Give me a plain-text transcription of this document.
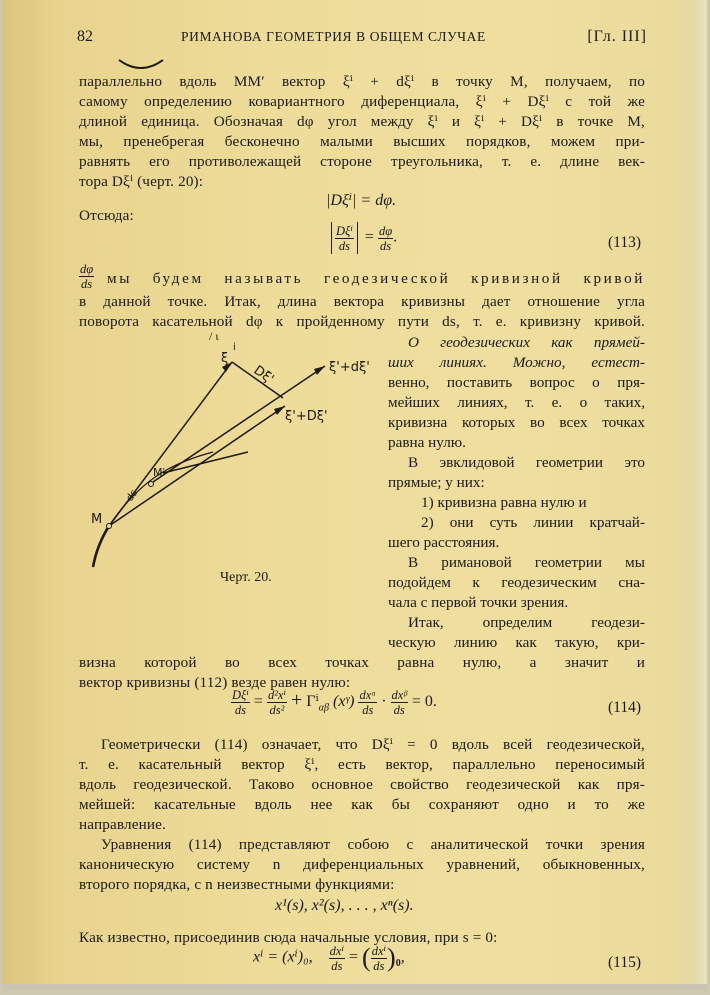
82	РИМАНОВА ГЕОМЕТРИЯ В ОБЩЕМ СЛУЧАЕ	[Гл. III]
параллельно вдоль MM′ вектор ξⁱ + dξⁱ в точку M, получаем, по
самому определению ковариантного диференциала, ξⁱ + Dξⁱ с той же
длиной единица. Обозначая dφ угол между ξⁱ и ξⁱ + Dξⁱ в точке M,
мы, пренебрегая бесконечно малыми высших порядков, можем при-
равнять его противолежащей стороне треугольника, т. е. длине век-
тора Dξⁱ (черт. 20):
|Dξⁱ| = dφ.
Отсюда:
$\frac{\text{Dξⁱ}}{ds} = \frac{d\varphi}{ds}$ .	(113)
$\frac{d\varphi}{ds}$ мы будем называть геодезической кривизной кривой
в данной точке. Итак, длина вектора кривизны дает отношение угла
поворота касательной dφ к пройденному пути ds, т. е. кривизну кривой.
ξ
i
Dξ'	ξ'+dξ'
ξ'+Dξ'
M
M′
ds
/ ι
Черт. 20.
О геодезических как прямей-
ших линиях. Можно, естест-
венно, поставить вопрос о пря-
мейших линиях, т. е. о таких,
кривизна которых во всех точках
равна нулю.
В эвклидовой геометрии это
прямые; у них:
1) кривизна равна нулю и
2) они суть линии кратчай-
шего расстояния.
В римановой геометрии мы
подойдем к геодезическим сна-
чала с первой точки зрения.
Итак, определим геодези-
ческую линию как такую, кри-
визна которой во всех точках равна нулю, а значит и
вектор кривизны (112) везде равен нулю:
$\frac{\text{Dξⁱ}}{ds} = \frac{\text{d²xⁱ}}{\text{ds²}} + \Gamma^i_{\alpha\beta}$ (xᵞ) $\frac{\text{dxᵅ}}{ds} \cdot \frac{\text{dxᵝ}}{ds} = 0$.	(114)
Геометрически (114) означает, что Dξⁱ = 0 вдоль всей геодезической,
т. е. касательный вектор ξⁱ, есть вектор, параллельно переносимый
вдоль геодезической. Таково основное свойство геодезической как пря-
мейшей: касательные вдоль нее как бы сохраняют одно и то же
направление.
Уравнения (114) представляют собою с аналитической точки зрения
каноническую систему n диференциальных уравнений, обыкновенных,
второго порядка, с n неизвестными функциями:
x¹(s), x²(s), . . . , xⁿ(s).
Как известно, присоединив сюда начальные условия, при s = 0:
xⁱ = (xⁱ)₀, $\frac{\text{dxⁱ}}{ds}$ = ( $\frac{\text{dxⁱ}}{ds} )_0$,	(115)
